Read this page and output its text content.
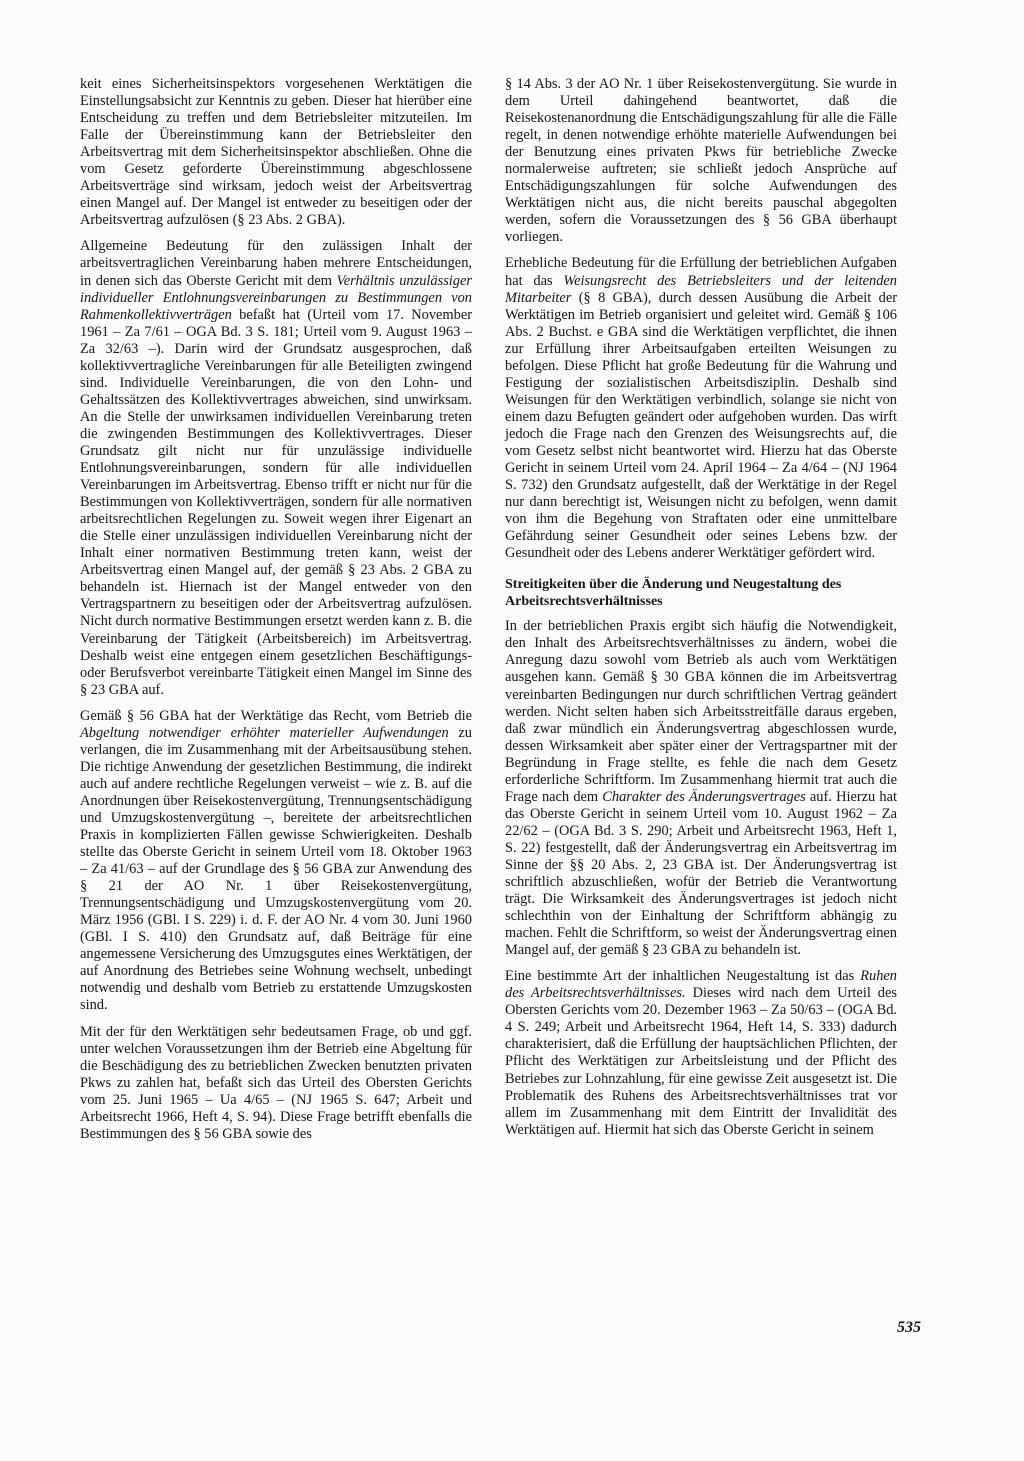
keit eines Sicherheitsinspektors vorgesehenen Werktätigen die Einstellungsabsicht zur Kenntnis zu geben. Dieser hat hierüber eine Entscheidung zu treffen und dem Betriebsleiter mitzuteilen. Im Falle der Übereinstimmung kann der Betriebsleiter den Arbeitsvertrag mit dem Sicherheitsinspektor abschließen. Ohne die vom Gesetz geforderte Übereinstimmung abgeschlossene Arbeitsverträge sind wirksam, jedoch weist der Arbeitsvertrag einen Mangel auf. Der Mangel ist entweder zu beseitigen oder der Arbeitsvertrag aufzulösen (§ 23 Abs. 2 GBA).

Allgemeine Bedeutung für den zulässigen Inhalt der arbeitsvertraglichen Vereinbarung haben mehrere Entscheidungen, in denen sich das Oberste Gericht mit dem Verhältnis unzulässiger individueller Entlohnungsvereinbarungen zu Bestimmungen von Rahmenkollektivverträgen befaßt hat (Urteil vom 17. November 1961 – Za 7/61 – OGA Bd. 3 S. 181; Urteil vom 9. August 1963 – Za 32/63 –). Darin wird der Grundsatz ausgesprochen, daß kollektivvertragliche Vereinbarungen für alle Beteiligten zwingend sind. Individuelle Vereinbarungen, die von den Lohn- und Gehaltssätzen des Kollektivvertrages abweichen, sind unwirksam. An die Stelle der unwirksamen individuellen Vereinbarung treten die zwingenden Bestimmungen des Kollektivvertrages. Dieser Grundsatz gilt nicht nur für unzulässige individuelle Entlohnungsvereinbarungen, sondern für alle individuellen Vereinbarungen im Arbeitsvertrag. Ebenso trifft er nicht nur für die Bestimmungen von Kollektivverträgen, sondern für alle normativen arbeitsrechtlichen Regelungen zu. Soweit wegen ihrer Eigenart an die Stelle einer unzulässigen individuellen Vereinbarung nicht der Inhalt einer normativen Bestimmung treten kann, weist der Arbeitsvertrag einen Mangel auf, der gemäß § 23 Abs. 2 GBA zu behandeln ist. Hiernach ist der Mangel entweder von den Vertragspartnern zu beseitigen oder der Arbeitsvertrag aufzulösen. Nicht durch normative Bestimmungen ersetzt werden kann z. B. die Vereinbarung der Tätigkeit (Arbeitsbereich) im Arbeitsvertrag. Deshalb weist eine entgegen einem gesetzlichen Beschäftigungs- oder Berufsverbot vereinbarte Tätigkeit einen Mangel im Sinne des § 23 GBA auf.

Gemäß § 56 GBA hat der Werktätige das Recht, vom Betrieb die Abgeltung notwendiger erhöhter materieller Aufwendungen zu verlangen, die im Zusammenhang mit der Arbeitsausübung stehen. Die richtige Anwendung der gesetzlichen Bestimmung, die indirekt auch auf andere rechtliche Regelungen verweist – wie z. B. auf die Anordnungen über Reisekostenvergütung, Trennungsentschädigung und Umzugskostenvergütung –, bereitete der arbeitsrechtlichen Praxis in komplizierten Fällen gewisse Schwierigkeiten. Deshalb stellte das Oberste Gericht in seinem Urteil vom 18. Oktober 1963 – Za 41/63 – auf der Grundlage des § 56 GBA zur Anwendung des § 21 der AO Nr. 1 über Reisekostenvergütung, Trennungsentschädigung und Umzugskostenvergütung vom 20. März 1956 (GBl. I S. 229) i. d. F. der AO Nr. 4 vom 30. Juni 1960 (GBl. I S. 410) den Grundsatz auf, daß Beiträge für eine angemessene Versicherung des Umzugsgutes eines Werktätigen, der auf Anordnung des Betriebes seine Wohnung wechselt, unbedingt notwendig und deshalb vom Betrieb zu erstattende Umzugskosten sind.

Mit der für den Werktätigen sehr bedeutsamen Frage, ob und ggf. unter welchen Voraussetzungen ihm der Betrieb eine Abgeltung für die Beschädigung des zu betrieblichen Zwecken benutzten privaten Pkws zu zahlen hat, befaßt sich das Urteil des Obersten Gerichts vom 25. Juni 1965 – Ua 4/65 – (NJ 1965 S. 647; Arbeit und Arbeitsrecht 1966, Heft 4, S. 94). Diese Frage betrifft ebenfalls die Bestimmungen des § 56 GBA sowie des

§ 14 Abs. 3 der AO Nr. 1 über Reisekostenvergütung. Sie wurde in dem Urteil dahingehend beantwortet, daß die Reisekostenanordnung die Entschädigungszahlung für alle die Fälle regelt, in denen notwendige erhöhte materielle Aufwendungen bei der Benutzung eines privaten Pkws für betriebliche Zwecke normalerweise auftreten; sie schließt jedoch Ansprüche auf Entschädigungszahlungen für solche Aufwendungen des Werktätigen nicht aus, die nicht bereits pauschal abgegolten werden, sofern die Voraussetzungen des § 56 GBA überhaupt vorliegen.

Erhebliche Bedeutung für die Erfüllung der betrieblichen Aufgaben hat das Weisungsrecht des Betriebsleiters und der leitenden Mitarbeiter (§ 8 GBA), durch dessen Ausübung die Arbeit der Werktätigen im Betrieb organisiert und geleitet wird. Gemäß § 106 Abs. 2 Buchst. e GBA sind die Werktätigen verpflichtet, die ihnen zur Erfüllung ihrer Arbeitsaufgaben erteilten Weisungen zu befolgen. Diese Pflicht hat große Bedeutung für die Wahrung und Festigung der sozialistischen Arbeitsdisziplin. Deshalb sind Weisungen für den Werktätigen verbindlich, solange sie nicht von einem dazu Befugten geändert oder aufgehoben wurden. Das wirft jedoch die Frage nach den Grenzen des Weisungsrechts auf, die vom Gesetz selbst nicht beantwortet wird. Hierzu hat das Oberste Gericht in seinem Urteil vom 24. April 1964 – Za 4/64 – (NJ 1964 S. 732) den Grundsatz aufgestellt, daß der Werktätige in der Regel nur dann berechtigt ist, Weisungen nicht zu befolgen, wenn damit von ihm die Begehung von Straftaten oder eine unmittelbare Gefährdung seiner Gesundheit oder seines Lebens bzw. der Gesundheit oder des Lebens anderer Werktätiger gefördert wird.

Streitigkeiten über die Änderung und Neugestaltung des Arbeitsrechtsverhältnisses

In der betrieblichen Praxis ergibt sich häufig die Notwendigkeit, den Inhalt des Arbeitsrechtsverhältnisses zu ändern, wobei die Anregung dazu sowohl vom Betrieb als auch vom Werktätigen ausgehen kann. Gemäß § 30 GBA können die im Arbeitsvertrag vereinbarten Bedingungen nur durch schriftlichen Vertrag geändert werden. Nicht selten haben sich Arbeitsstreitfälle daraus ergeben, daß zwar mündlich ein Änderungsvertrag abgeschlossen wurde, dessen Wirksamkeit aber später einer der Vertragspartner mit der Begründung in Frage stellte, es fehle die nach dem Gesetz erforderliche Schriftform. Im Zusammenhang hiermit trat auch die Frage nach dem Charakter des Änderungsvertrages auf. Hierzu hat das Oberste Gericht in seinem Urteil vom 10. August 1962 – Za 22/62 – (OGA Bd. 3 S. 290; Arbeit und Arbeitsrecht 1963, Heft 1, S. 22) festgestellt, daß der Änderungsvertrag ein Arbeitsvertrag im Sinne der §§ 20 Abs. 2, 23 GBA ist. Der Änderungsvertrag ist schriftlich abzuschließen, wofür der Betrieb die Verantwortung trägt. Die Wirksamkeit des Änderungsvertrages ist jedoch nicht schlechthin von der Einhaltung der Schriftform abhängig zu machen. Fehlt die Schriftform, so weist der Änderungsvertrag einen Mangel auf, der gemäß § 23 GBA zu behandeln ist.

Eine bestimmte Art der inhaltlichen Neugestaltung ist das Ruhen des Arbeitsrechtsverhältnisses. Dieses wird nach dem Urteil des Obersten Gerichts vom 20. Dezember 1963 – Za 50/63 – (OGA Bd. 4 S. 249; Arbeit und Arbeitsrecht 1964, Heft 14, S. 333) dadurch charakterisiert, daß die Erfüllung der hauptsächlichen Pflichten, der Pflicht des Werktätigen zur Arbeitsleistung und der Pflicht des Betriebes zur Lohnzahlung, für eine gewisse Zeit ausgesetzt ist. Die Problematik des Ruhens des Arbeitsrechtsverhältnisses trat vor allem im Zusammenhang mit dem Eintritt der Invalidität des Werktätigen auf. Hiermit hat sich das Oberste Gericht in seinem

535
